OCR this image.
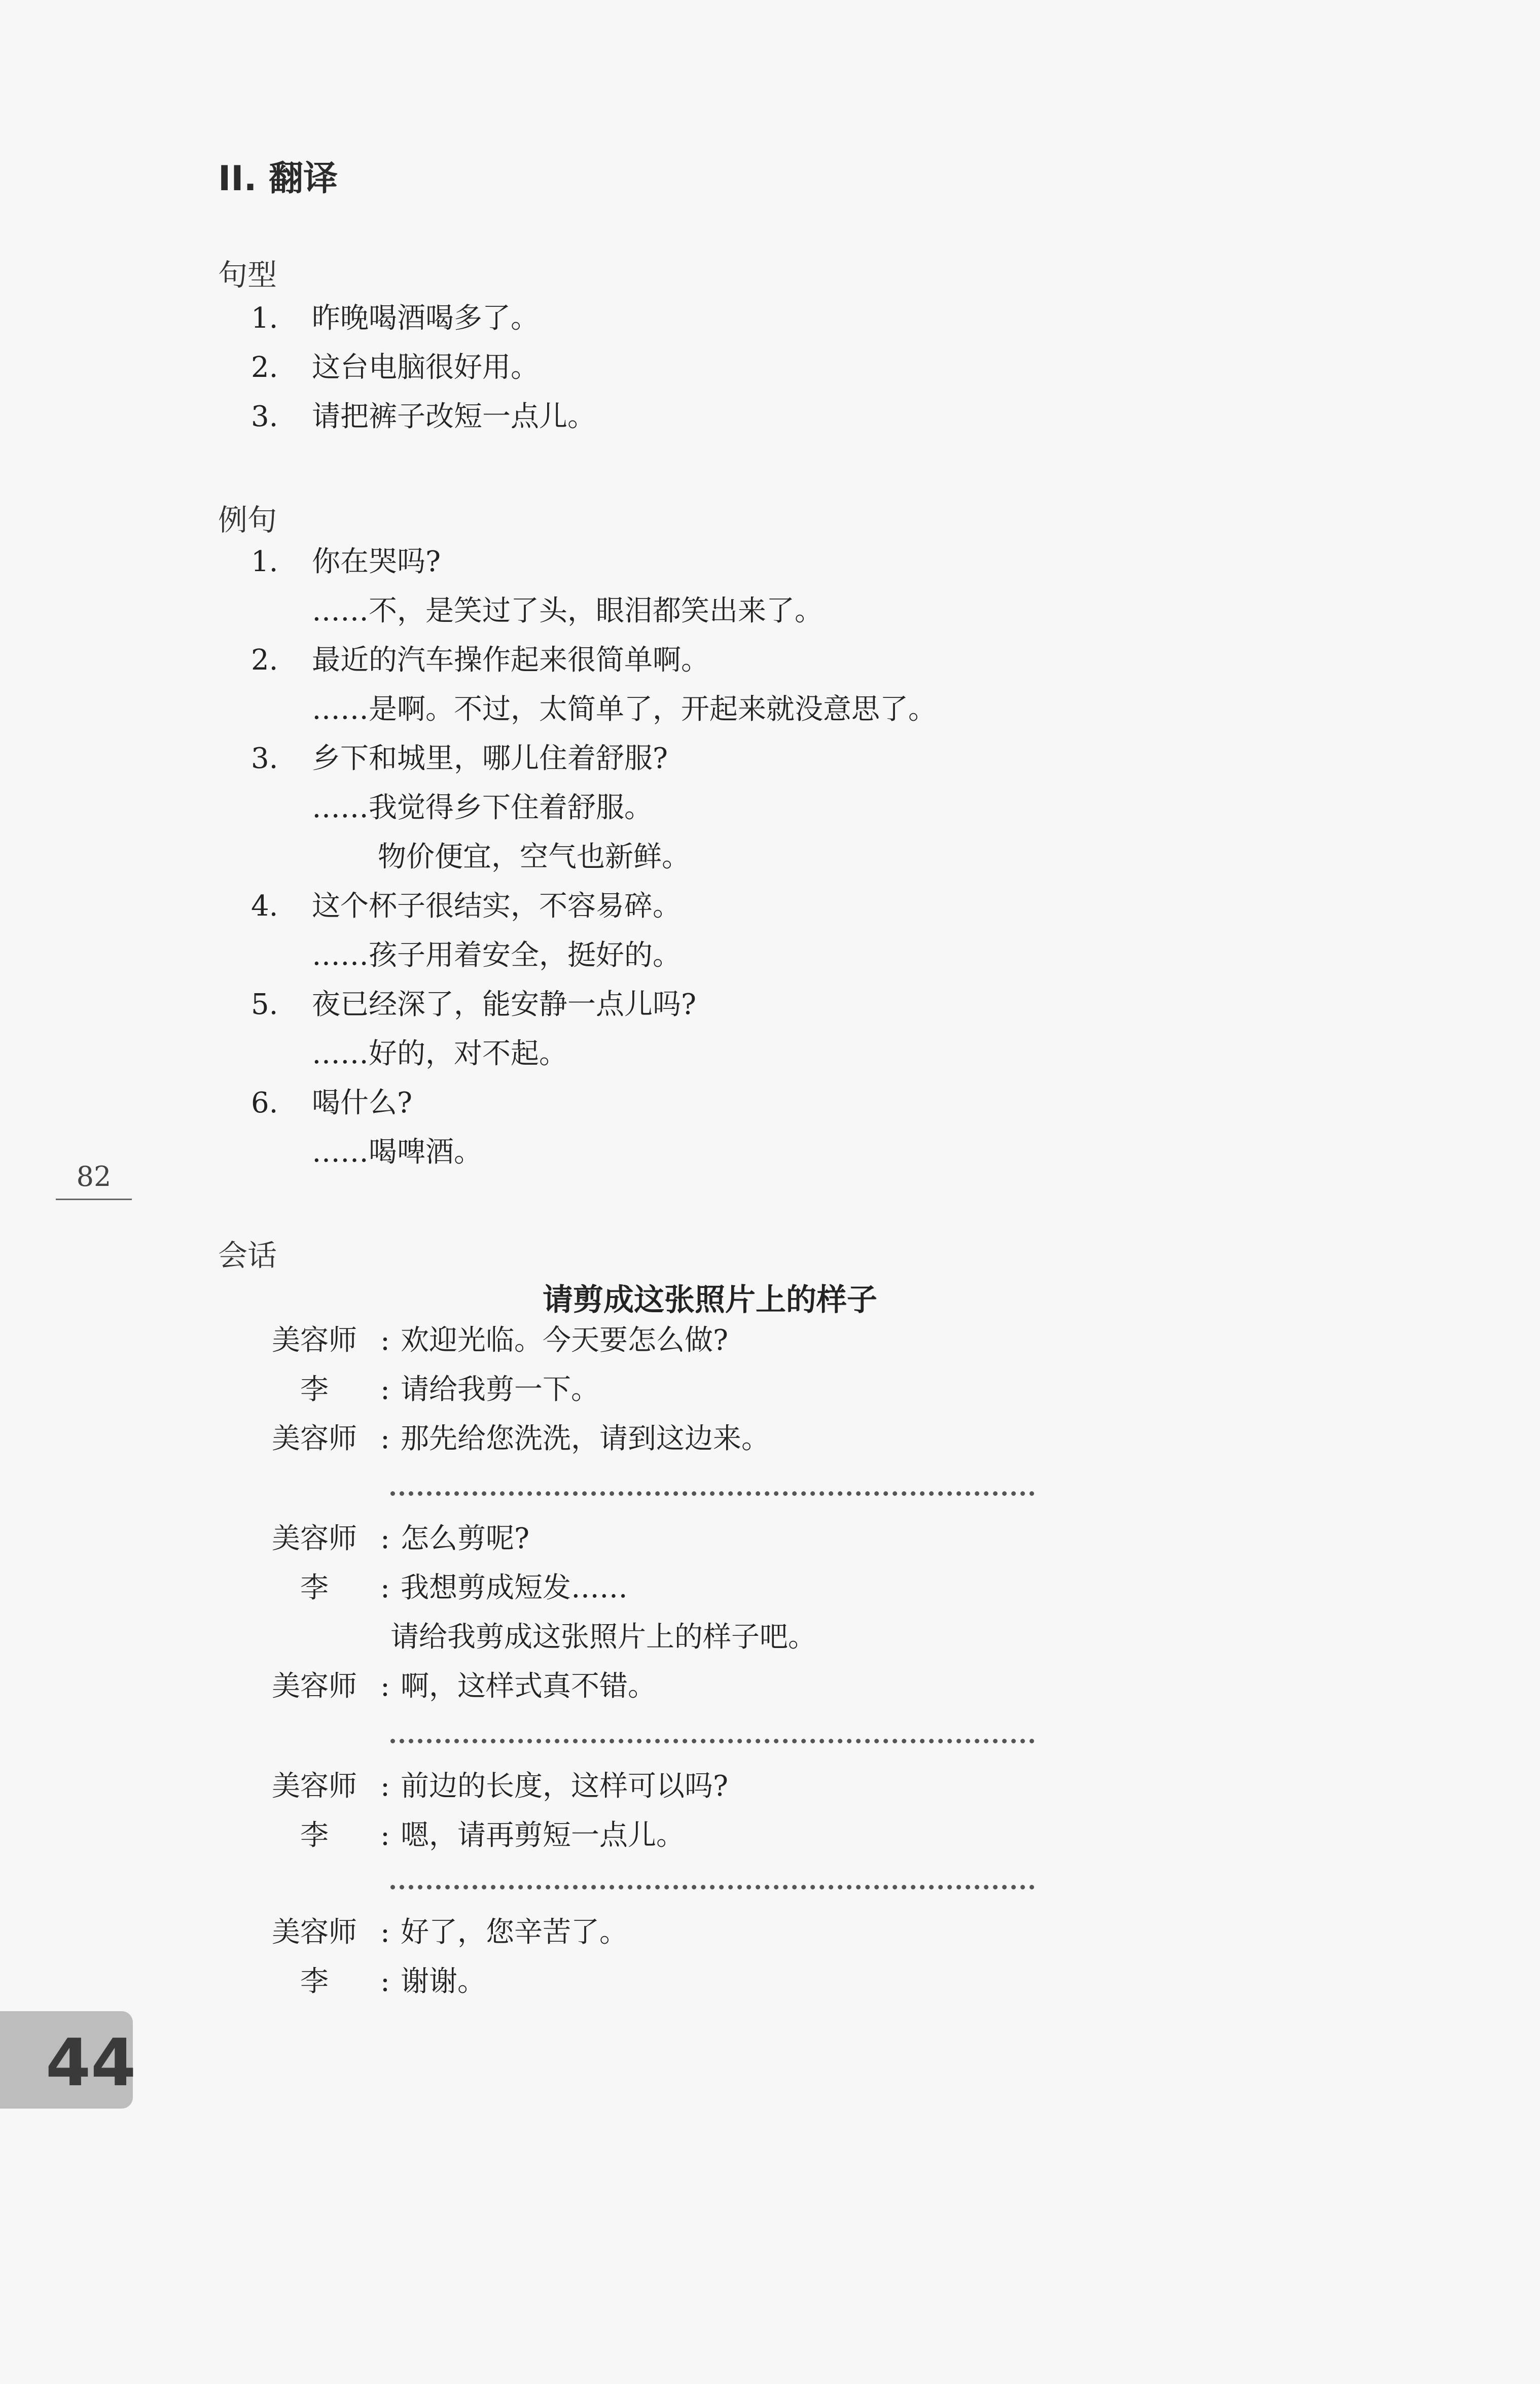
II. 翻译
句型
1. 昨晚喝酒喝多了。
2. 这台电脑很好用。
3. 请把裤子改短一点儿。
例句
1. 你在哭吗?
……不，是笑过了头，眼泪都笑出来了。
2. 最近的汽车操作起来很简单啊。
……是啊。不过，太简单了，开起来就没意思了。
3. 乡下和城里，哪儿住着舒服?
……我觉得乡下住着舒服。
物价便宜，空气也新鲜。
4. 这个杯子很结实，不容易碎。
……孩子用着安全，挺好的。
5. 夜已经深了，能安静一点儿吗?
……好的，对不起。
6. 喝什么?
……喝啤酒。
82
会话
请剪成这张照片上的样子
美容师 : 欢迎光临。今天要怎么做?
李 : 请给我剪一下。
美容师 : 那先给您洗洗，请到这边来。
美容师 : 怎么剪呢?
李 : 我想剪成短发……
请给我剪成这张照片上的样子吧。
美容师 : 啊，这样式真不错。
美容师 : 前边的长度，这样可以吗?
李 : 嗯，请再剪短一点儿。
美容师 : 好了，您辛苦了。
李 : 谢谢。
44
